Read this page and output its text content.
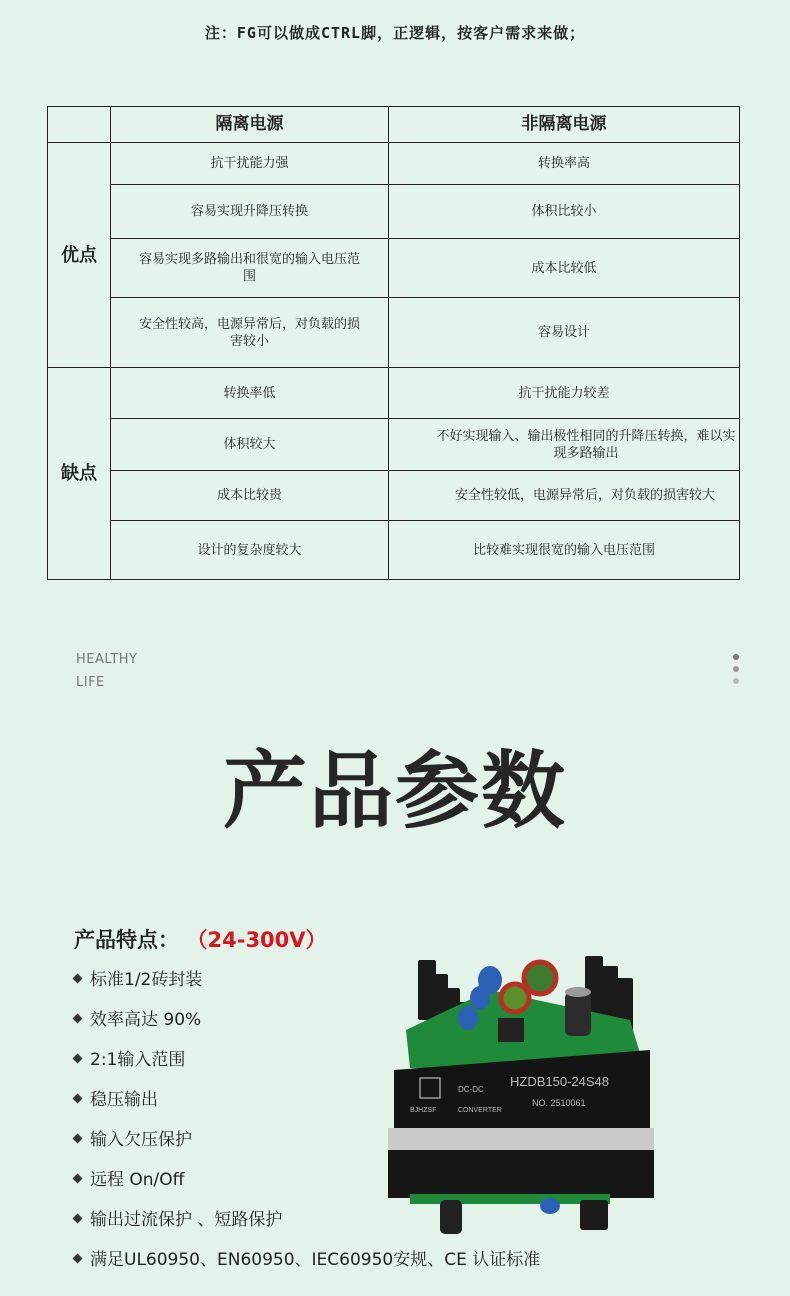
注：FG可以做成CTRL脚，正逻辑，按客户需求来做；
	隔离电源	非隔离电源
优点	抗干扰能力强	转换率高
	容易实现升降压转换	体积比较小
	容易实现多路输出和很宽的输入电压范围	成本比较低
	安全性较高，电源异常后，对负载的损害较小	容易设计
缺点	转换率低	抗干扰能力较差
	体积较大	不好实现输入、输出极性相同的升降压转换，难以实现多路输出
	成本比较贵	安全性较低，电源异常后，对负载的损害较大
	设计的复杂度较大	比较难实现很宽的输入电压范围
HEALTHY
LIFE
产品参数
产品特点： （24-300V）
标准1/2砖封装
效率高达 90%
2:1输入范围
稳压输出
输入欠压保护
远程 On/Off
输出过流保护 、短路保护
满足UL60950、EN60950、IEC60950安规、CE 认证标准
BJHZSF
DC-DC
CONVERTER
HZDB150-24S48
NO. 2510061
